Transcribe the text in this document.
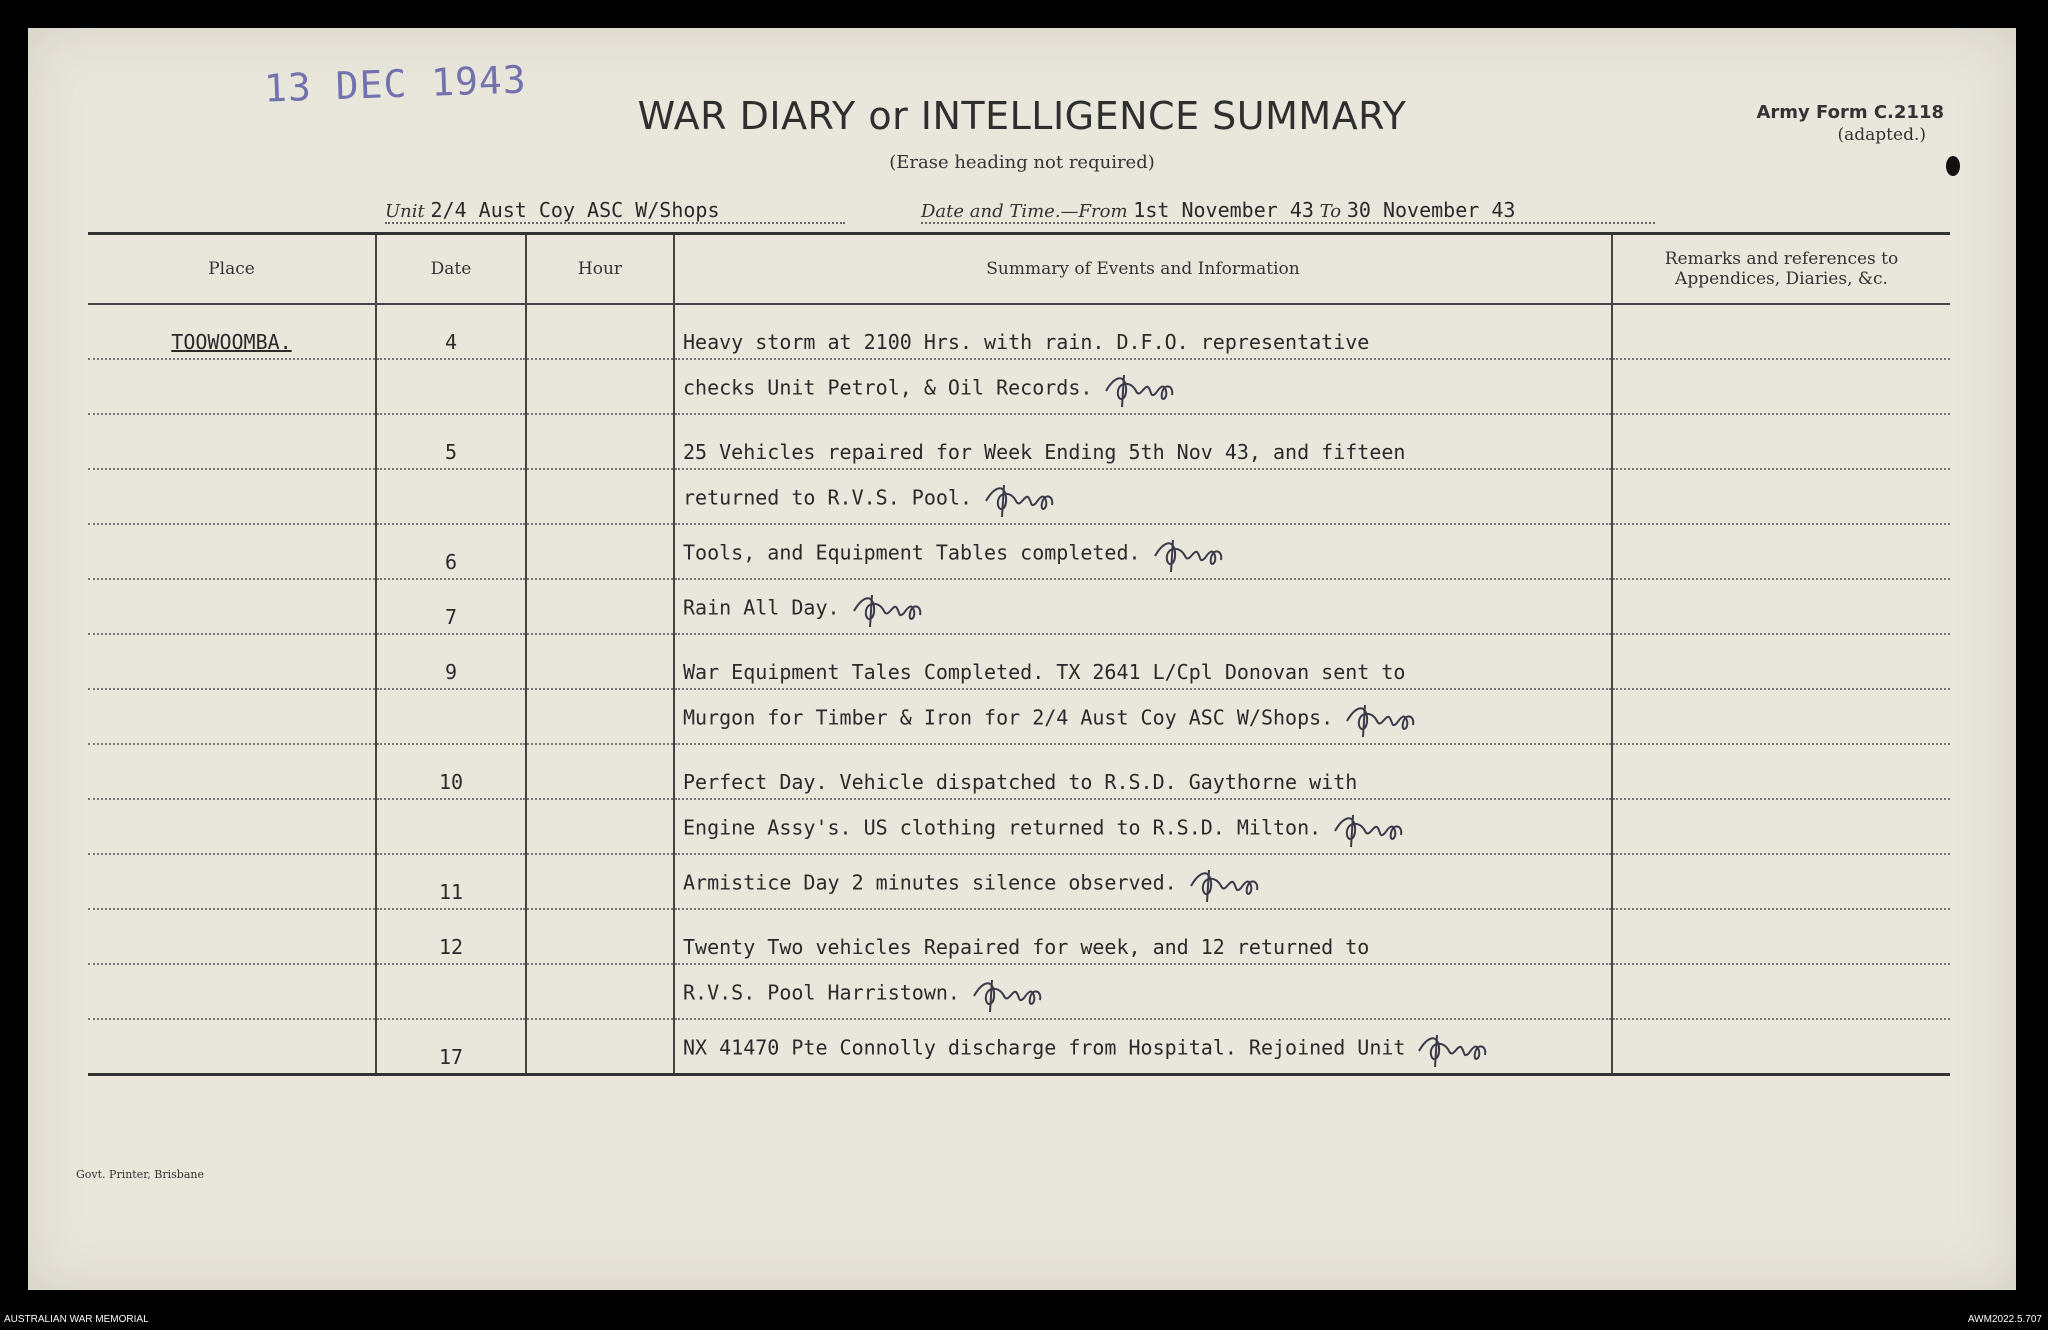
13 DEC 1943
WAR DIARY or INTELLIGENCE SUMMARY
(Erase heading not required)
Army Form C.2118
(adapted.)
Unit 2/4 Aust Coy ASC W/Shops	Date and Time.—From 1st November 43 To 30 November 43
Place	Date	Hour	Summary of Events and Information	Remarks and references to Appendices, Diaries, &c.
TOOWOOMBA.	4		Heavy storm at 2100 Hrs. with rain. D.F.O. representative	
			checks Unit Petrol, & Oil Records.	
	5		25 Vehicles repaired for Week Ending 5th Nov 43, and fifteen	
			returned to R.V.S. Pool.	
	6		Tools, and Equipment Tables completed.	
	7		Rain All Day.	
	9		War Equipment Tales Completed. TX 2641 L/Cpl Donovan sent to	
			Murgon for Timber & Iron for 2/4 Aust Coy ASC W/Shops.	
	10		Perfect Day. Vehicle dispatched to R.S.D. Gaythorne with	
			Engine Assy's. US clothing returned to R.S.D. Milton.	
	11		Armistice Day 2 minutes silence observed.	
	12		Twenty Two vehicles Repaired for week, and 12 returned to	
			R.V.S. Pool Harristown.	
	17		NX 41470 Pte Connolly discharge from Hospital. Rejoined Unit	
Govt. Printer, Brisbane
AUSTRALIAN WAR MEMORIAL	AWM2022.5.707
